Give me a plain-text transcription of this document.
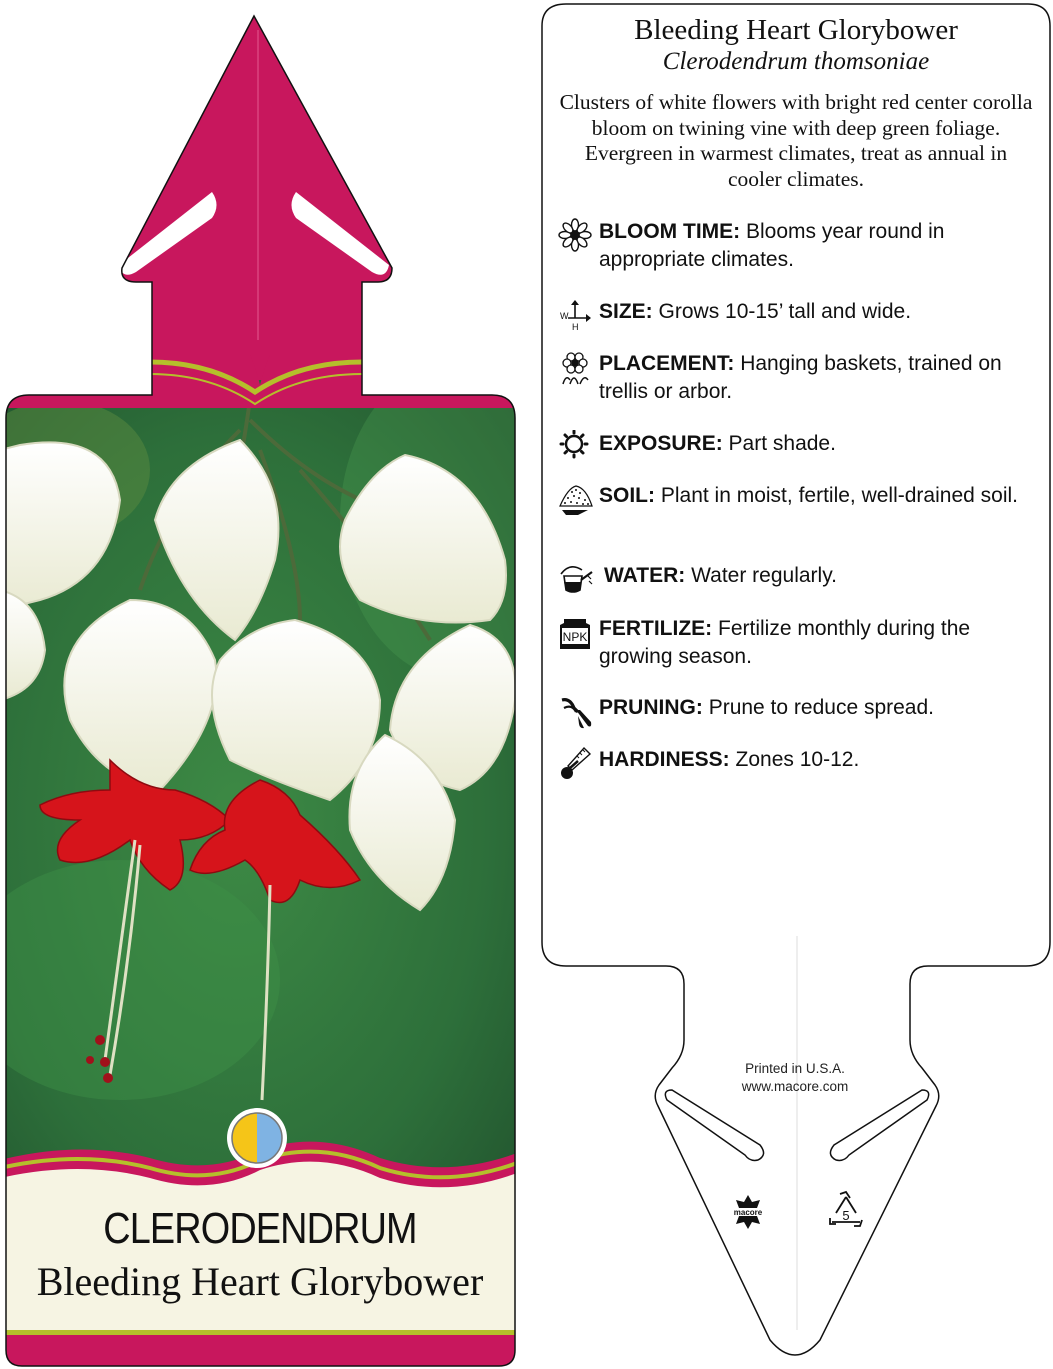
CLERODENDRUM
Bleeding Heart Glorybower
macore	5
Bleeding Heart Glorybower
Clerodendrum thomsoniae
Clusters of white flowers with bright red center corolla bloom on twining vine with deep green foliage. Evergreen in warmest climates, treat as annual in cooler climates.
BLOOM TIME: Blooms year round in appropriate climates.
W
H
SIZE: Grows 10-15’ tall and wide.
PLACEMENT: Hanging baskets, trained on trellis or arbor.
EXPOSURE: Part shade.
SOIL: Plant in moist, fertile, well-drained soil.
WATER: Water regularly.
NPK FERTILIZE: Fertilize monthly during the growing season.
PRUNING: Prune to reduce spread.
HARDINESS: Zones 10-12.
Printed in U.S.A.
www.macore.com
